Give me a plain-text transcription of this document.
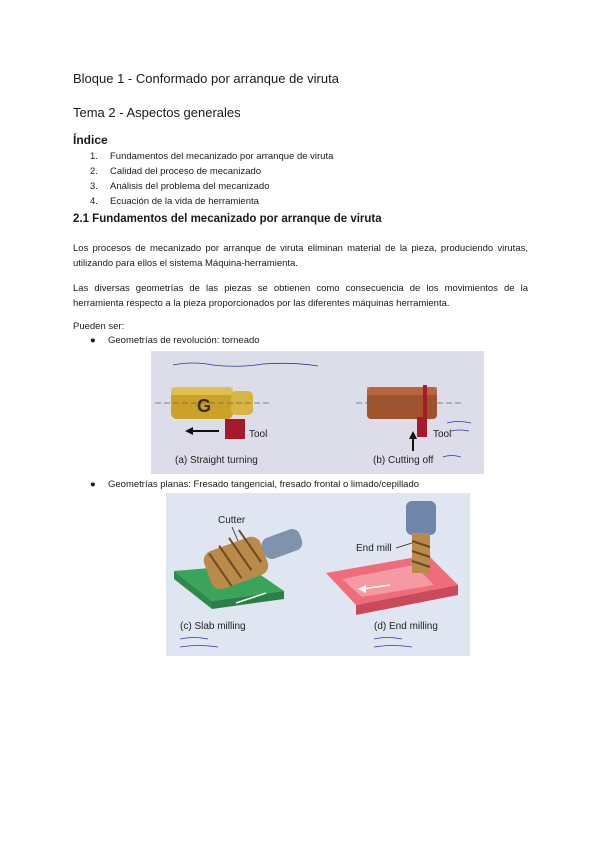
Bloque 1 - Conformado por arranque de viruta
Tema 2 - Aspectos generales
Índice
1.	Fundamentos del mecanizado por arranque de viruta
2.	Calidad del proceso de mecanizado
3.	Análisis del problema del mecanizado
4.	Ecuación de la vida de herramienta
2.1 Fundamentos del mecanizado por arranque de viruta
Los procesos de mecanizado por arranque de viruta eliminan material de la pieza, produciendo virutas, utilizando para ellos el sistema Máquina-herramienta.
Las diversas geometrías de las piezas se obtienen como consecuencia de los movimientos de la herramienta respecto a la pieza proporcionados por las diferentes máquinas herramienta.
Pueden ser:
●	Geometrías de revolución: torneado
G
Tool
(a) Straight turning
Tool
(b) Cutting off
●	Geometrías planas: Fresado tangencial, fresado frontal o limado/cepillado
Cutter
(c) Slab milling
End mill
(d) End milling
